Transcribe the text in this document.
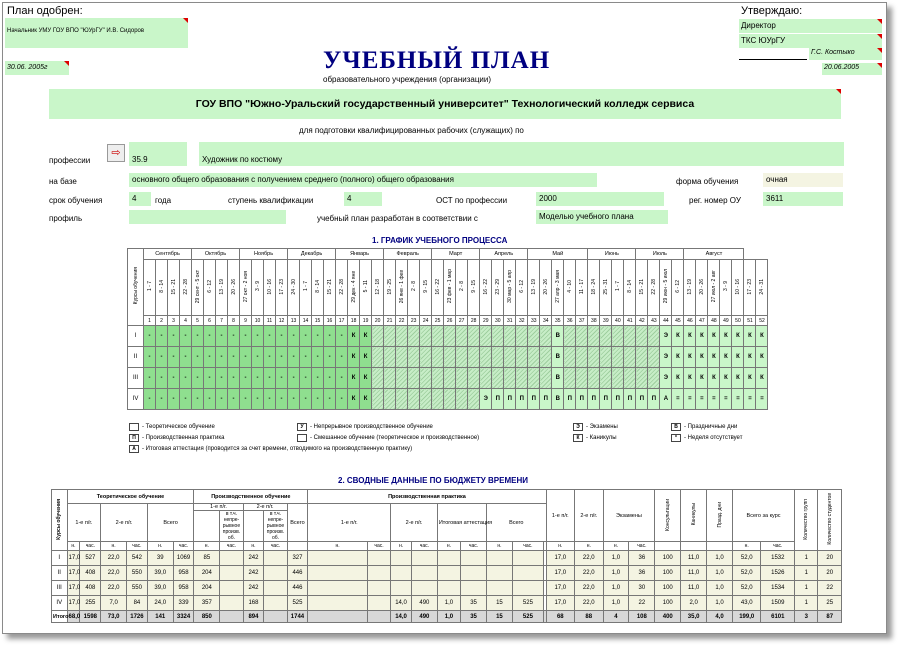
План одобрен:
Начальник УМУ ГОУ ВПО "ЮУрГУ" И.В. Сидоров
30.06. 2005г
Утверждаю:
Директор
ТКС ЮУрГУ
Г.С. Костыко
20.06.2005
УЧЕБНЫЙ ПЛАН
образовательного учреждения (организации)
ГОУ ВПО "Южно-Уральский государственный университет" Технологический колледж сервиса
для подготовки квалифицированных рабочих (служащих) по
профессии
⇨
35.9	Художник по костюму
на базе	основного общего образования с получением среднего (полного) общего образования	форма обучения	очная
срок обучения	4	года	ступень квалификации	4	ОСТ по профессии	2000	рег. номер ОУ	3611
профиль	учебный план разработан в соответствии с	Моделью учебного плана
1. ГРАФИК УЧЕБНОГО ПРОЦЕССА
Курсы обучения	Сентябрь				Октябрь				Ноябрь				Декабрь				Январь				Февраль				Март				Апрель				Май					Июнь				Июль				Август						
	1 - 7	8 - 14	15 - 21	22 - 28	29 сент - 5 окт	6 - 12	13 - 19	20 - 26	27 окт - 2 ноя	3 - 9	10 - 16	17 - 23	24 - 30	1 - 7	8 - 14	15 - 21	22 - 28	29 дек - 4 янв	5 - 11	12 - 18	19 - 25	26 янв - 1 фев	2 - 8	9 - 15	16 - 22	23 фев - 1 мар	2 - 8	9 - 15	16 - 22	23 - 29	30 мар - 5 апр	6 - 12	13 - 19	20 - 26	27 апр - 3 мая	4 - 10	11 - 17	18 - 24	25 - 31	1 - 7	8 - 14	15 - 21	22 - 28	29 июн - 5 июл	6 - 12	13 - 19	20 - 26	27 июл - 2 авг	3 - 9	10 - 16	17 - 23	24 - 31
	1	2	3	4	5	6	7	8	9	10	11	12	13	14	15	16	17	18	19	20	21	22	23	24	25	26	27	28	29	30	31	32	33	34	35	36	37	38	39	40	41	42	43	44	45	46	47	48	49	50	51	52
I	-	-	-	-	-	-	-	-	-	-	-	-	-	-	-	-	-	К	К																В									Э	К	К	К	К	К	К	К	К
II	-	-	-	-	-	-	-	-	-	-	-	-	-	-	-	-	-	К	К																В									Э	К	К	К	К	К	К	К	К
III	-	-	-	-	-	-	-	-	-	-	-	-	-	-	-	-	-	К	К																В									Э	К	К	К	К	К	К	К	К
IV	-	-	-	-	-	-	-	-	-	-	-	-	-	-	-	-	-	К	К										Э	П	П	П	П	П	В	П	П	П	П	П	П	П	П	А	=	=	=	=	=	=	=	=
- Теоретическое обучение
П	- Производственная практика
А	- Итоговая аттестация (проводится за счет времени, отводимого на производственную практику)
У	- Непрерывное производственное обучение
- Смешанное обучение (теоретическое и производственное)
Э	- Экзамены
К	- Каникулы
В	- Праздничные дни
*	- Неделя отсутствует
2. СВОДНЫЕ ДАННЫЕ ПО БЮДЖЕТУ ВРЕМЕНИ
Курсы обучения	Теоретическое обучение						Производственное обучение					Производственная практика									1-е п/г.	2-е п/г.	Экзамены		Консультации	Каникулы	Празд. дни	Всего за курс		Количество групп	Количество студентов
	1-е п/г.		2-е п/г.		Всего		1-е п/г.		2-е п/г.		Всего	1-е п/г.		2-е п/г.		Итоговая аттестация		Всего													
								в т.ч. непре- рывное произв. об.		в т.ч. непре- рывное произв. об.																					
	н.	час.	н.	час.	н.	час.	н.	час.	н.	час.		н.	час.	н.	час.	н.	час.	н.	час.		н.	н.	н.	час.				н.	час.		
I	17,0	527	22,0	542	39	1069	85		242		327										17,0	22,0	1,0	36	100	11,0	1,0	52,0	1532	1	20
II	17,0	408	22,0	550	39,0	958	204		242		446										17,0	22,0	1,0	36	100	11,0	1,0	52,0	1526	1	20
III	17,0	408	22,0	550	39,0	958	204		242		446										17,0	22,0	1,0	30	100	11,0	1,0	52,0	1534	1	22
IV	17,0	255	7,0	84	24,0	339	357		168		525			14,0	490	1,0	35	15	525		17,0	22,0	1,0	22	100	2,0	1,0	43,0	1509	1	25
Итого	68,0	1598	73,0	1726	141	3324	850		894		1744			14,0	490	1,0	35	15	525		68	88	4	108	400	35,0	4,0	199,0	6101	3	87
